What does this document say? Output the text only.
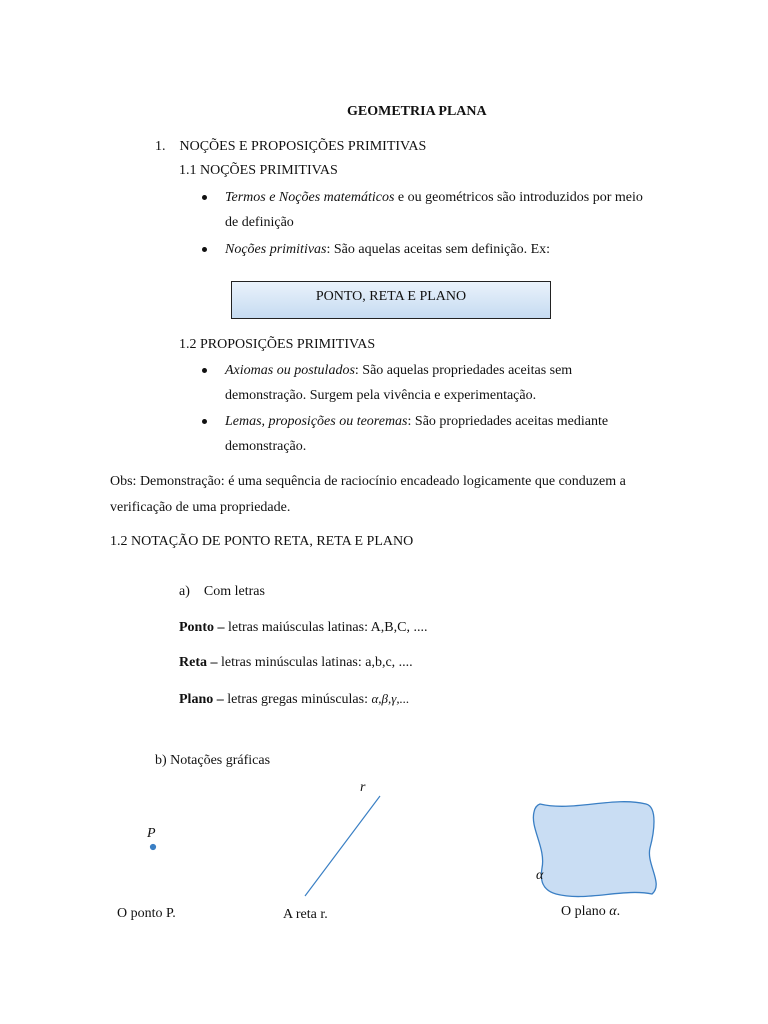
GEOMETRIA PLANA
1. NOÇÕES E PROPOSIÇÕES PRIMITIVAS
1.1 NOÇÕES PRIMITIVAS
Termos e Noções matemáticos e ou geométricos são introduzidos por meio
de definição
Noções primitivas: São aquelas aceitas sem definição. Ex:
PONTO, RETA E PLANO
1.2 PROPOSIÇÕES PRIMITIVAS
Axiomas ou postulados: São aquelas propriedades aceitas sem
demonstração. Surgem pela vivência e experimentação.
Lemas, proposições ou teoremas: São propriedades aceitas mediante
demonstração.
Obs: Demonstração: é uma sequência de raciocínio encadeado logicamente que conduzem a
verificação de uma propriedade.
1.2 NOTAÇÃO DE PONTO RETA, RETA E PLANO
a) Com letras
Ponto – letras maiúsculas latinas: A,B,C, ....
Reta – letras minúsculas latinas: a,b,c, ....
Plano – letras gregas minúsculas: α,β,γ,...
b) Notações gráficas
P
O ponto P.
r
A reta r.
α
O plano α.
